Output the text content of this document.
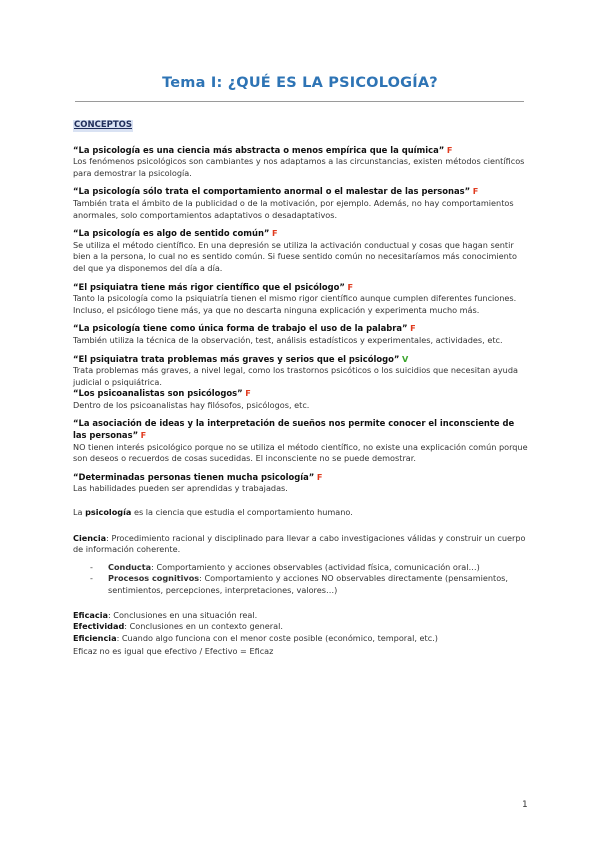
Tema I: ¿QUÉ ES LA PSICOLOGÍA?
CONCEPTOS
“La psicología es una ciencia más abstracta o menos empírica que la química” F
Los fenómenos psicológicos son cambiantes y nos adaptamos a las circunstancias, existen métodos científicos para demostrar la psicología.
“La psicología sólo trata el comportamiento anormal o el malestar de las personas” F
También trata el ámbito de la publicidad o de la motivación, por ejemplo. Además, no hay comportamientos anormales, solo comportamientos adaptativos o desadaptativos.
“La psicología es algo de sentido común” F
Se utiliza el método científico. En una depresión se utiliza la activación conductual y cosas que hagan sentir bien a la persona, lo cual no es sentido común. Si fuese sentido común no necesitaríamos más conocimiento del que ya disponemos del día a día.
“El psiquiatra tiene más rigor científico que el psicólogo” F
Tanto la psicología como la psiquiatría tienen el mismo rigor científico aunque cumplen diferentes funciones. Incluso, el psicólogo tiene más, ya que no descarta ninguna explicación y experimenta mucho más.
“La psicología tiene como única forma de trabajo el uso de la palabra” F
También utiliza la técnica de la observación, test, análisis estadísticos y experimentales, actividades, etc.
“El psiquiatra trata problemas más graves y serios que el psicólogo” V
Trata problemas más graves, a nivel legal, como los trastornos psicóticos o los suicidios que necesitan ayuda judicial o psiquiátrica.
“Los psicoanalistas son psicólogos” F
Dentro de los psicoanalistas hay filósofos, psicólogos, etc.
“La asociación de ideas y la interpretación de sueños nos permite conocer el inconsciente de las personas” F
NO tienen interés psicológico porque no se utiliza el método científico, no existe una explicación común porque son deseos o recuerdos de cosas sucedidas. El inconsciente no se puede demostrar.
“Determinadas personas tienen mucha psicología” F
Las habilidades pueden ser aprendidas y trabajadas.
La psicología es la ciencia que estudia el comportamiento humano.
Ciencia: Procedimiento racional y disciplinado para llevar a cabo investigaciones válidas y construir un cuerpo de información coherente.
- Conducta: Comportamiento y acciones observables (actividad física, comunicación oral…)
- Procesos cognitivos: Comportamiento y acciones NO observables directamente (pensamientos, sentimientos, percepciones, interpretaciones, valores…)
Eficacia: Conclusiones en una situación real.
Efectividad: Conclusiones en un contexto general.
Eficiencia: Cuando algo funciona con el menor coste posible (económico, temporal, etc.)
Eficaz no es igual que efectivo / Efectivo = Eficaz
1
